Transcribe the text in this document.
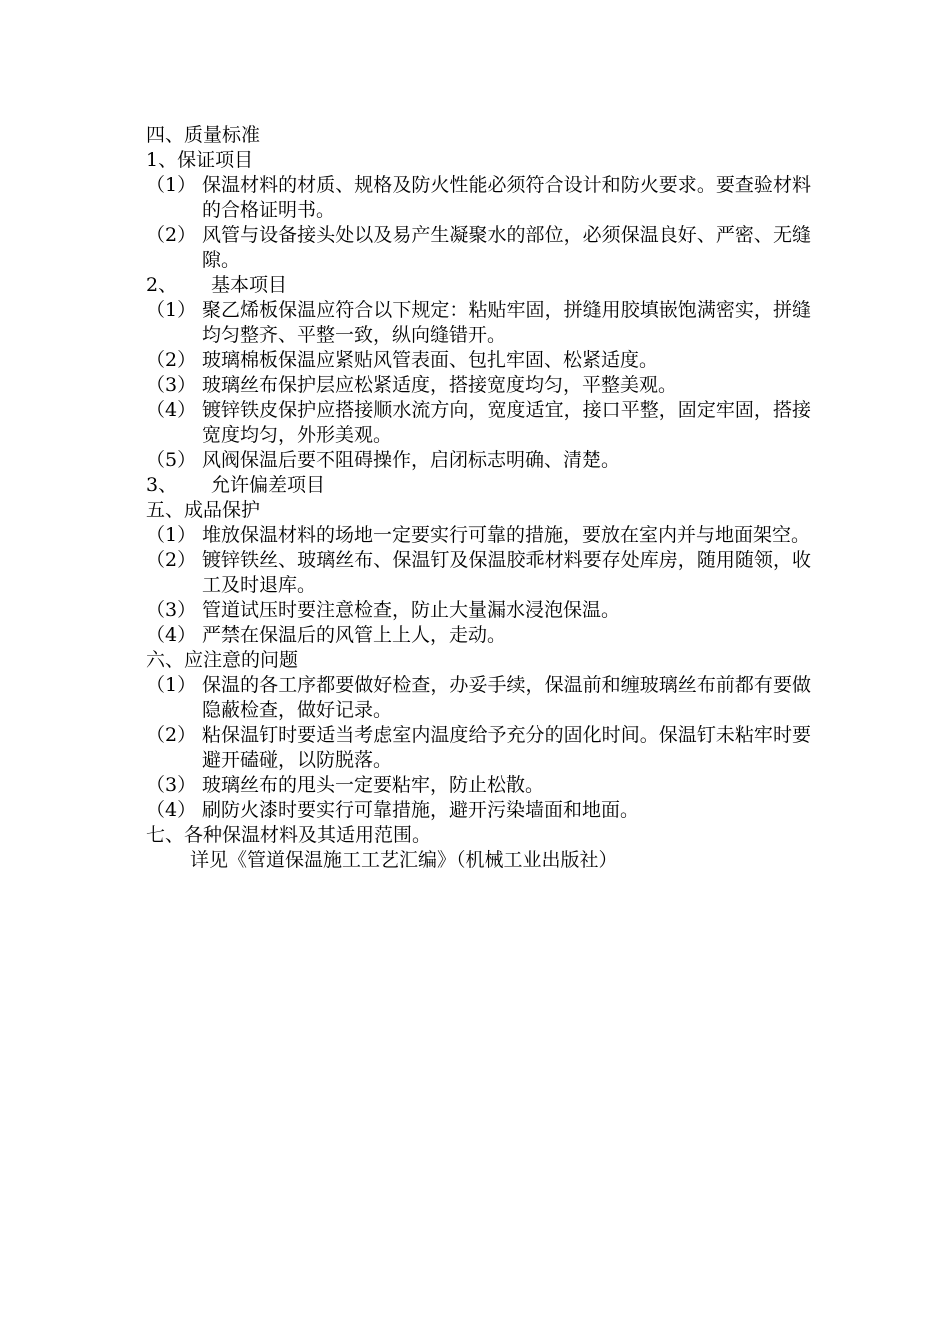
四、质量标准
1、保证项目
（1） 保温材料的材质、规格及防火性能必须符合设计和防火要求。要查验材料的合格证明书。
（2） 风管与设备接头处以及易产生凝聚水的部位，必须保温良好、严密、无缝隙。
2、	基本项目
（1） 聚乙烯板保温应符合以下规定：粘贴牢固，拼缝用胶填嵌饱满密实，拼缝均匀整齐、平整一致，纵向缝错开。
（2） 玻璃棉板保温应紧贴风管表面、包扎牢固、松紧适度。
（3） 玻璃丝布保护层应松紧适度，搭接宽度均匀，平整美观。
（4） 镀锌铁皮保护应搭接顺水流方向，宽度适宜，接口平整，固定牢固，搭接宽度均匀，外形美观。
（5） 风阀保温后要不阻碍操作，启闭标志明确、清楚。
3、	允许偏差项目
五、成品保护
（1） 堆放保温材料的场地一定要实行可靠的措施，要放在室内并与地面架空。
（2） 镀锌铁丝、玻璃丝布、保温钉及保温胶乖材料要存处库房，随用随领，收工及时退库。
（3） 管道试压时要注意检查，防止大量漏水浸泡保温。
（4） 严禁在保温后的风管上上人，走动。
六、应注意的问题
（1） 保温的各工序都要做好检查，办妥手续，保温前和缠玻璃丝布前都有要做隐蔽检查，做好记录。
（2） 粘保温钉时要适当考虑室内温度给予充分的固化时间。保温钉未粘牢时要避开磕碰，以防脱落。
（3） 玻璃丝布的甩头一定要粘牢，防止松散。
（4） 刷防火漆时要实行可靠措施，避开污染墙面和地面。
七、各种保温材料及其适用范围。
详见《管道保温施工工艺汇编》（机械工业出版社）
